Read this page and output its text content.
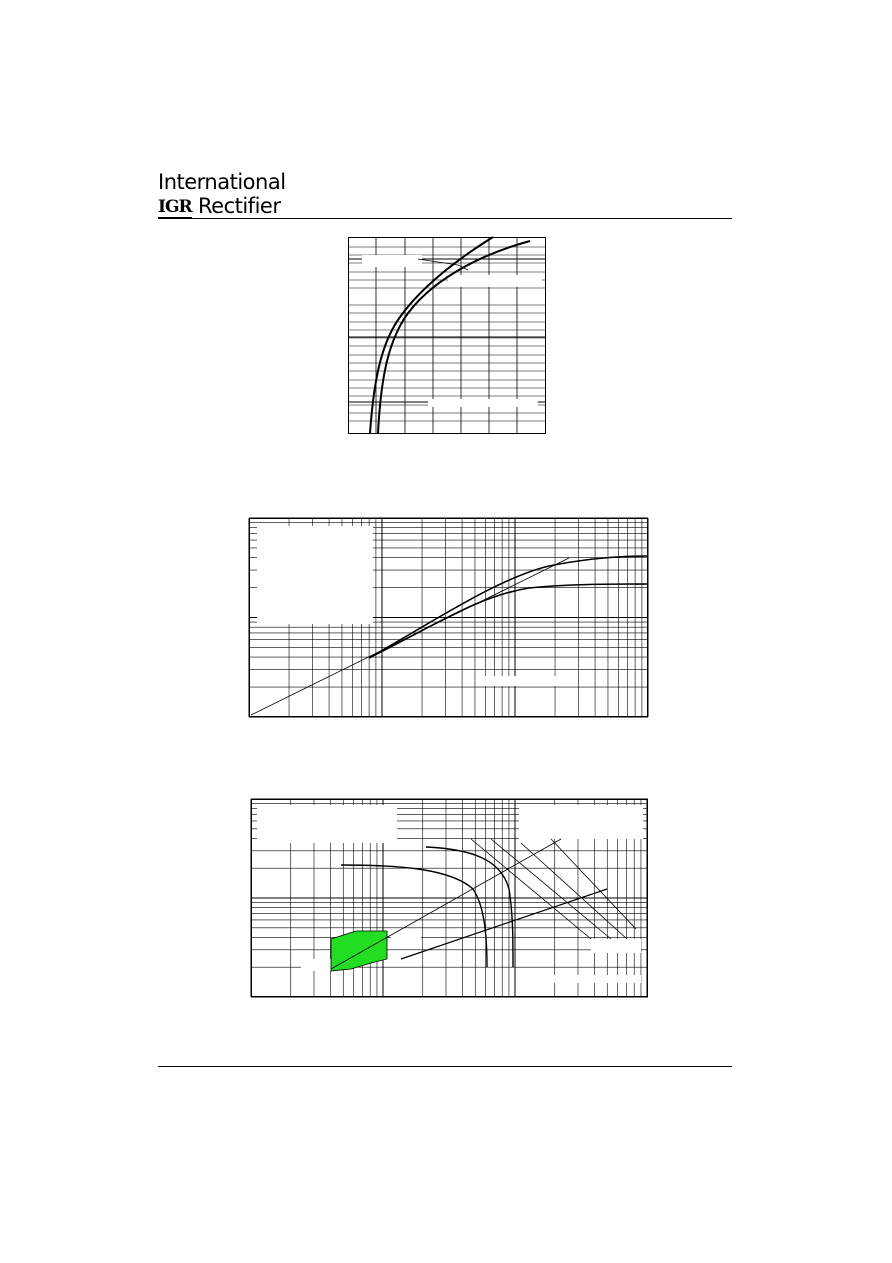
International
IGR Rectifier
